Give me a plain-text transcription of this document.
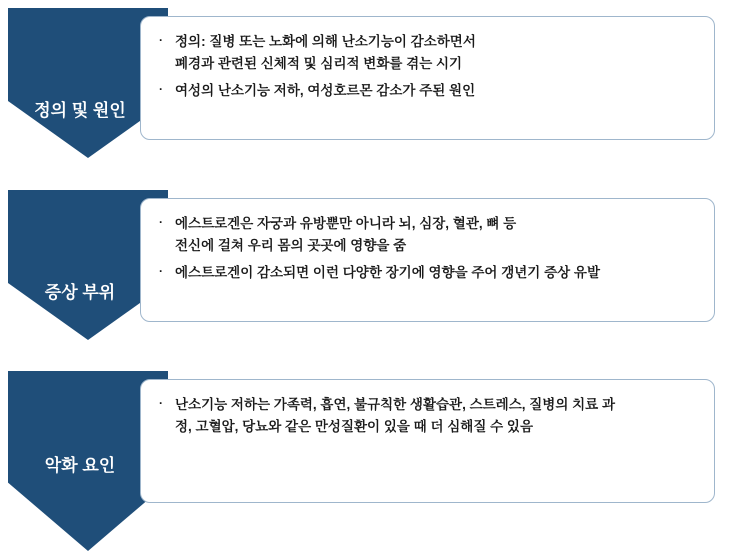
정의 및 원인
· 정의: 질병 또는 노화에 의해 난소기능이 감소하면서
폐경과 관련된 신체적 및 심리적 변화를 겪는 시기
· 여성의 난소기능 저하, 여성호르몬 감소가 주된 원인
증상 부위
· 에스트로겐은 자궁과 유방뿐만 아니라 뇌, 심장, 혈관, 뼈 등
전신에 걸쳐 우리 몸의 곳곳에 영향을 줌
· 에스트로겐이 감소되면 이런 다양한 장기에 영향을 주어 갱년기 증상 유발
악화 요인
· 난소기능 저하는 가족력, 흡연, 불규칙한 생활습관, 스트레스, 질병의 치료 과
정, 고혈압, 당뇨와 같은 만성질환이 있을 때 더 심해질 수 있음
